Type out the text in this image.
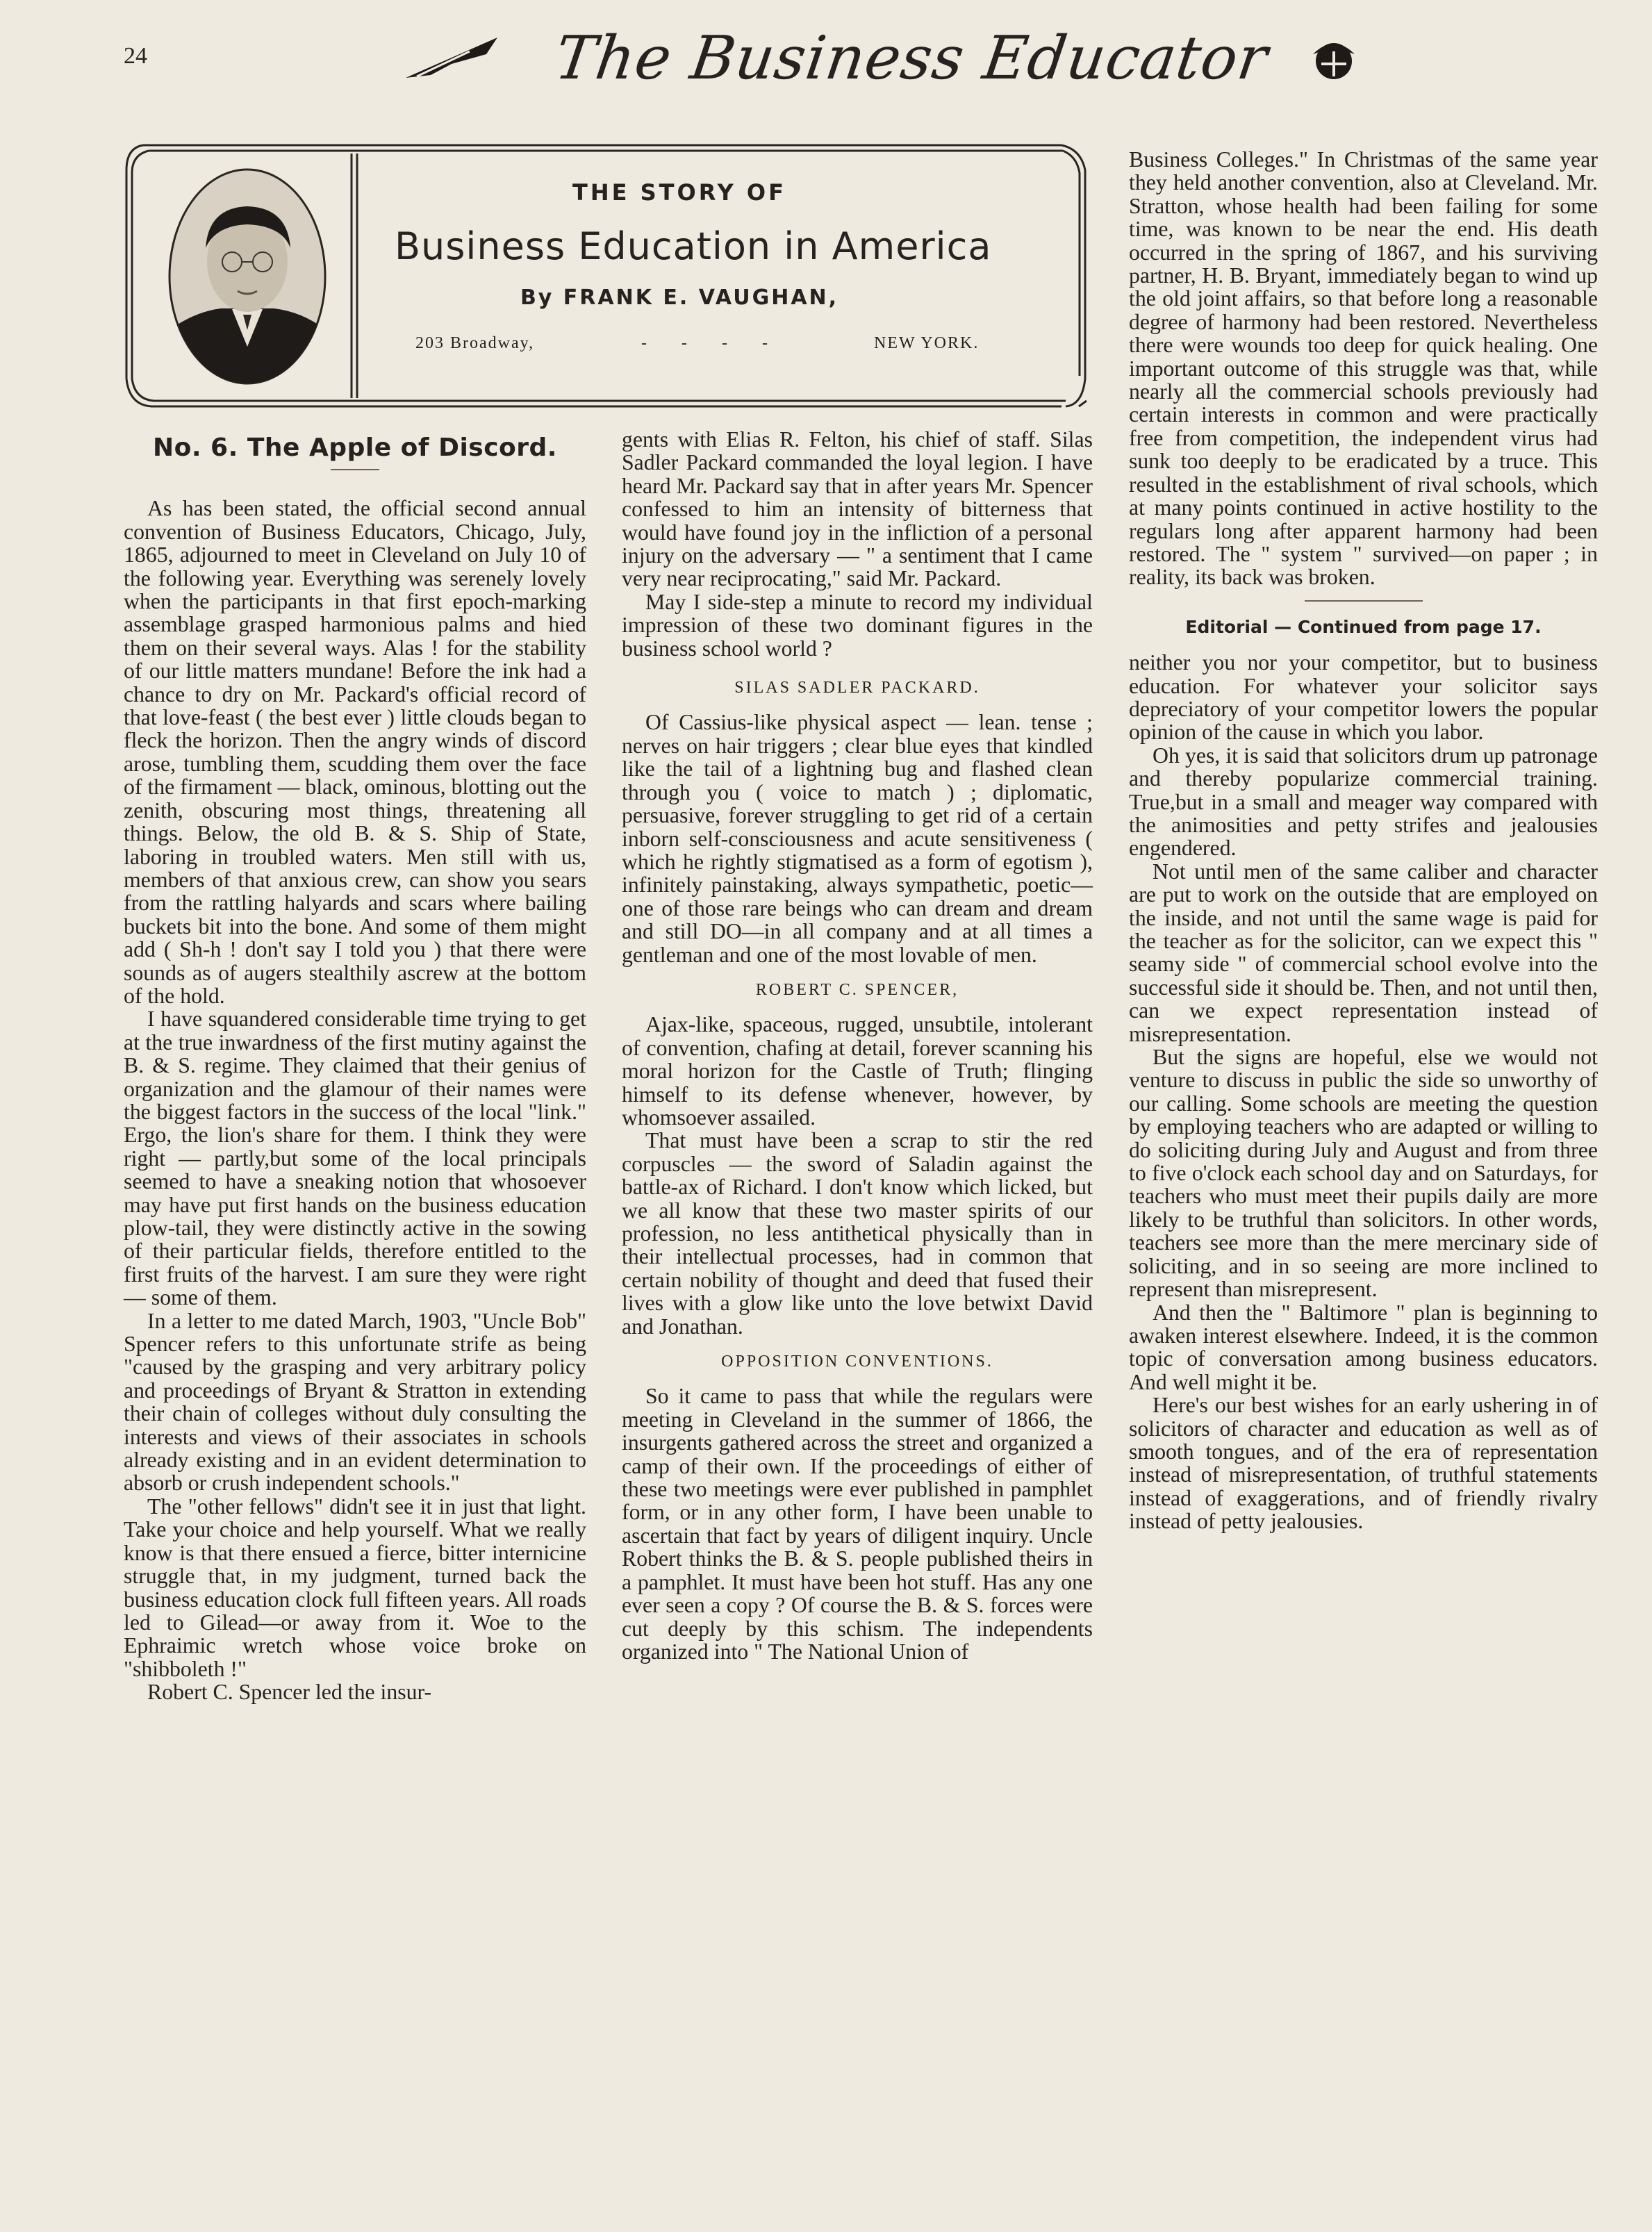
24	The Business Educator
THE STORY OF
Business Education in America
By FRANK E. VAUGHAN,
203 Broadway,	- - - -	NEW YORK.
No. 6. The Apple of Discord.

As has been stated, the official second annual convention of Business Educators, Chicago, July, 1865, adjourned to meet in Cleveland on July 10 of the following year. Everything was serenely lovely when the participants in that first epoch-marking assemblage grasped harmonious palms and hied them on their several ways. Alas ! for the stability of our little matters mundane! Before the ink had a chance to dry on Mr. Packard's official record of that love-feast ( the best ever ) little clouds began to fleck the horizon. Then the angry winds of discord arose, tumbling them, scudding them over the face of the firmament — black, ominous, blotting out the zenith, obscuring most things, threatening all things. Below, the old B. & S. Ship of State, laboring in troubled waters. Men still with us, members of that anxious crew, can show you sears from the rattling halyards and scars where bailing buckets bit into the bone. And some of them might add ( Sh-h ! don't say I told you ) that there were sounds as of augers stealthily ascrew at the bottom of the hold.

I have squandered considerable time trying to get at the true inwardness of the first mutiny against the B. & S. regime. They claimed that their genius of organization and the glamour of their names were the biggest factors in the success of the local "link." Ergo, the lion's share for them. I think they were right — partly,but some of the local principals seemed to have a sneaking notion that whosoever may have put first hands on the business education plow-tail, they were distinctly active in the sowing of their particular fields, therefore entitled to the first fruits of the harvest. I am sure they were right — some of them.

In a letter to me dated March, 1903, "Uncle Bob" Spencer refers to this unfortunate strife as being "caused by the grasping and very arbitrary policy and proceedings of Bryant & Stratton in extending their chain of colleges without duly consulting the interests and views of their associates in schools already existing and in an evident determination to absorb or crush independent schools."

The "other fellows" didn't see it in just that light. Take your choice and help yourself. What we really know is that there ensued a fierce, bitter internicine struggle that, in my judgment, turned back the business education clock full fifteen years. All roads led to Gilead—or away from it. Woe to the Ephraimic wretch whose voice broke on "shibboleth !"

Robert C. Spencer led the insur-

gents with Elias R. Felton, his chief of staff. Silas Sadler Packard commanded the loyal legion. I have heard Mr. Packard say that in after years Mr. Spencer confessed to him an intensity of bitterness that would have found joy in the infliction of a personal injury on the adversary — " a sentiment that I came very near reciprocating," said Mr. Packard.

May I side-step a minute to record my individual impression of these two dominant figures in the business school world ?

SILAS SADLER PACKARD.

Of Cassius-like physical aspect — lean. tense ; nerves on hair triggers ; clear blue eyes that kindled like the tail of a lightning bug and flashed clean through you ( voice to match ) ; diplomatic, persuasive, forever struggling to get rid of a certain inborn self-consciousness and acute sensitiveness ( which he rightly stigmatised as a form of egotism ), infinitely painstaking, always sympathetic, poetic—one of those rare beings who can dream and dream and still DO—in all company and at all times a gentleman and one of the most lovable of men.

ROBERT C. SPENCER,

Ajax-like, spaceous, rugged, unsubtile, intolerant of convention, chafing at detail, forever scanning his moral horizon for the Castle of Truth; flinging himself to its defense whenever, however, by whomsoever assailed.

That must have been a scrap to stir the red corpuscles — the sword of Saladin against the battle-ax of Richard. I don't know which licked, but we all know that these two master spirits of our profession, no less antithetical physically than in their intellectual processes, had in common that certain nobility of thought and deed that fused their lives with a glow like unto the love betwixt David and Jonathan.

OPPOSITION CONVENTIONS.

So it came to pass that while the regulars were meeting in Cleveland in the summer of 1866, the insurgents gathered across the street and organized a camp of their own. If the proceedings of either of these two meetings were ever published in pamphlet form, or in any other form, I have been unable to ascertain that fact by years of diligent inquiry. Uncle Robert thinks the B. & S. people published theirs in a pamphlet. It must have been hot stuff. Has any one ever seen a copy ? Of course the B. & S. forces were cut deeply by this schism. The independents organized into " The National Union of

Business Colleges." In Christmas of the same year they held another convention, also at Cleveland. Mr. Stratton, whose health had been failing for some time, was known to be near the end. His death occurred in the spring of 1867, and his surviving partner, H. B. Bryant, immediately began to wind up the old joint affairs, so that before long a reasonable degree of harmony had been restored. Nevertheless there were wounds too deep for quick healing. One important outcome of this struggle was that, while nearly all the commercial schools previously had certain interests in common and were practically free from competition, the independent virus had sunk too deeply to be eradicated by a truce. This resulted in the establishment of rival schools, which at many points continued in active hostility to the regulars long after apparent harmony had been restored. The " system " survived—on paper ; in reality, its back was broken.

Editorial — Continued from page 17.

neither you nor your competitor, but to business education. For whatever your solicitor says depreciatory of your competitor lowers the popular opinion of the cause in which you labor.

Oh yes, it is said that solicitors drum up patronage and thereby popularize commercial training. True,but in a small and meager way compared with the animosities and petty strifes and jealousies engendered.

Not until men of the same caliber and character are put to work on the outside that are employed on the inside, and not until the same wage is paid for the teacher as for the solicitor, can we expect this " seamy side " of commercial school evolve into the successful side it should be. Then, and not until then, can we expect representation instead of misrepresentation.

But the signs are hopeful, else we would not venture to discuss in public the side so unworthy of our calling. Some schools are meeting the question by employing teachers who are adapted or willing to do soliciting during July and August and from three to five o'clock each school day and on Saturdays, for teachers who must meet their pupils daily are more likely to be truthful than solicitors. In other words, teachers see more than the mere mercinary side of soliciting, and in so seeing are more inclined to represent than misrepresent.

And then the " Baltimore " plan is beginning to awaken interest elsewhere. Indeed, it is the common topic of conversation among business educators. And well might it be.

Here's our best wishes for an early ushering in of solicitors of character and education as well as of smooth tongues, and of the era of representation instead of misrepresentation, of truthful statements instead of exaggerations, and of friendly rivalry instead of petty jealousies.
